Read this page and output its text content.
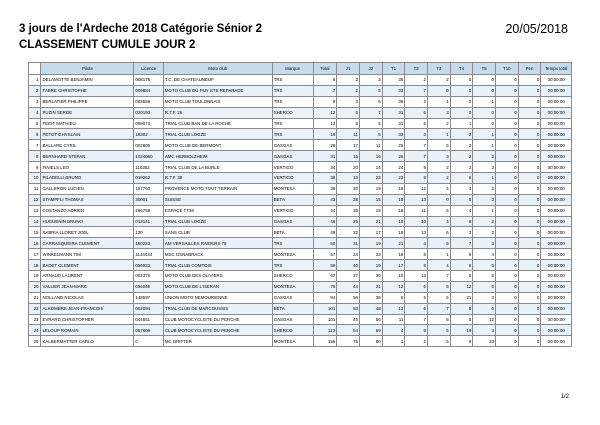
3 jours de l'Ardeche 2018 Catégorie Sénior 2	20/05/2018
CLASSEMENT CUMULE JOUR 2
	Pilote	Licence	Moto club	Marque	Total	J1	J2	T1	T2	T3	T4	T5	T10	Pen	Temps total
1	DELAMOTTE BENJAMIN	008175	T.C. DE CHATEAUNEUF	TRS	6	3	3	36	2	2	0	0	0	0	00:00:00
2	FABRE CHRISTOPHE	009884	MOTO CLUB DU PUY STE REPARADE	TRS	7	2	5	33	7	0	0	0	0	0	00:00:00
3	BERLATIER PHILIPPE	003558	MOTO CLUB TOULONNAIS	TRS	9	3	6	36	2	1	0	1	0	0	00:00:00
4	PUZIN SERGE	020193	R.T.F. 26	SHERCO	12	5	7	31	6	3	0	0	0	0	00:00:00
5	FEIDT MATHIEU	059073	TRIAL CLUB BAN DE LA ROCHE	TRS	13	8	5	31	6	2	1	0	0	0	00:00:00
6	PETOT GHYSLAIN	19302	TRIAL CLUB LOGZE	TRS	16	11	5	33	3	1	2	1	0	0	00:00:00
7	BALLARE CYRIL	002805	MOTO CLUB DE BERMONT	GASGAS	28	17	11	25	7	5	2	1	0	0	00:00:00
8	BERNHARD STEFAN	1024060	AMC HERBOLZHEIM	GASGAS	31	15	16	26	7	3	2	2	0	0	00:00:00
9	FINIELS LEO	116352	TRIAL CLUB DE LA BURLE	VERTIGO	34	20	14	24	9	2	2	3	0	0	00:00:00
10	PILADELLI BRUNO	019262	R.T.F. 38	VERTIGO	36	13	23	23	8	2	6	1	0	0	00:00:00
11	GALLERON LUCIEN	157793	PROVENCE MOTO TOUT TERRAIN	MONTESA	39	20	19	19	12	4	3	2	0	0	00:00:00
12	STAMPFLI THOMAS	30001	SUISSE	BETA	43	28	15	19	13	0	5	3	0	0	00:00:00
13	COSTANZO ADRIEN	256758	ESPACE TT38	VERTIGO	44	25	19	18	11	6	4	1	0	0	00:00:00
14	HUGUENIN BRUNO	013141	TRIAL CLUB LOGZE	GASGAS	46	25	21	18	10	4	6	2	0	0	00:00:00
15	SABRIA LLORET JOEL	130	SANS CLUB	BETA	49	32	17	16	13	6	3	2	0	0	00:00:00
16	CARRASQUEIRA CLEMENT	150223	AM VERSAILLES RAIDERS 78	TRS	50	31	19	21	4	5	7	3	0	0	00:00:00
17	WINKELMANN TIM	1144034	MSC OSNABRACK	MONTESA	57	24	33	18	8	1	9	4	0	0	00:00:00
18	BADET CLEMENT	056023	TRIAL CLUB COMTOIS	TRS	59	40	19	17	8	4	6	5	0	0	00:00:00
19	ARNAUD LAURENT	002376	MOTO CLUB DES OLIVIERS	SHERCO	67	37	30	10	13	7	5	5	0	0	00:00:00
20	VALLIER JEAN-MARC	056046	MOTO CLUB DE L'ISERAN	MONTESA	75	44	31	12	6	5	12	5	0	0	00:00:00
21	NOLLAND NICOLAS	148597	UNION MOTO NEMOURIENNE	GASGAS	94	56	38	5	6	5	21	3	0	0	00:00:00
22	ALKOMBRE JEAN-FRANCOIS	002094	TRIAL CLUB DE MARCOUSSIS	BETA	101	53	48	13	6	7	8	6	0	0	00:00:00
23	EVRARD CHRISTOPHER	044651	CLUB MOTOCYCLISTE DU PERCHE	GASGAS	101	45	56	11	7	5	5	12	0	0	00:00:00
24	LELOUP ROMAIN	057606	CLUB MOTOCYCLISTE DU PERCHE	SHERCO	123	54	69	4	9	5	19	3	0	0	00:00:00
25	KALBERMATTER CARLO	0	MC DRIFTER	MONTESA	155	75	80	1	2	5	9	23	0	0	00:00:00
1/2
